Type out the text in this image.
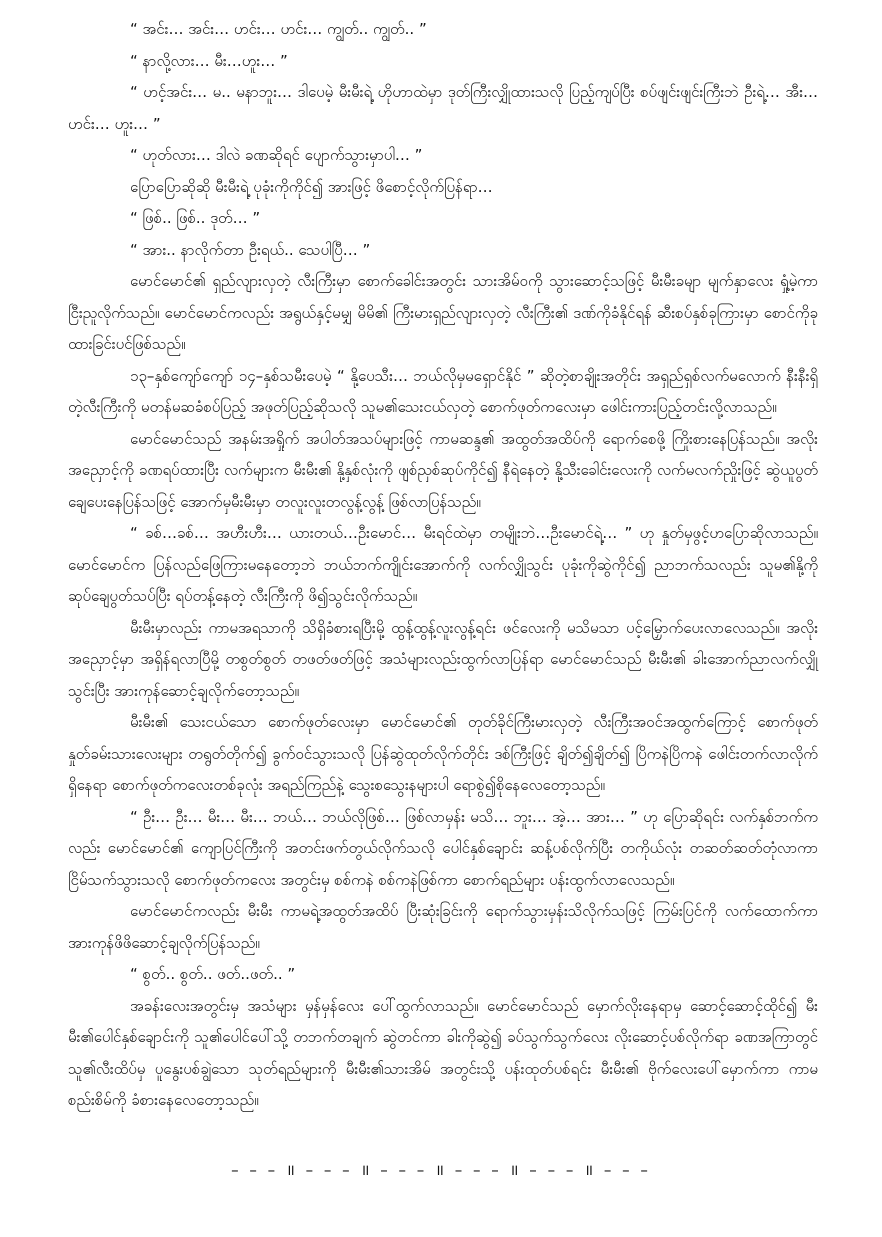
“ အင်း… အင်း… ဟင်း… ဟင်း… ကျွတ်.. ကျွတ်.. ”

“ နာလို့လား… မီး…ဟူး… ”

“ ဟင့်အင်း… မ.. မနာဘူး… ဒါပေမဲ့ မီးမီးရဲ့ ဟိုဟာထဲမှာ ဒုတ်ကြီးလျှိုထားသလို ပြည့်ကျပ်ပြီး စပ်ဖျင်းဖျင်းကြီးဘဲ ဦးရဲ့… အီး… ဟင်း… ဟူး… ”

“ ဟုတ်လား… ဒါလဲ ခဏဆိုရင် ပျောက်သွားမှာပါ… ”

ပြောပြောဆိုဆို မီးမီးရဲ့ ပုခုံးကိုကိုင်၍ အားဖြင့် ဖိစောင့်လိုက်ပြန်ရာ…

“ ဖြစ်.. ဖြစ်.. ဒုတ်… ”

“ အား.. နာလိုက်တာ ဦးရယ်.. သေပါပြီ… ”

မောင်မောင်၏ ရှည်လျားလှတဲ့ လီးကြီးမှာ စောက်ခေါင်းအတွင်း သားအိမ်ဝကို သွားဆောင့်သဖြင့် မီးမီးခမျာ မျက်နှာလေး ရှုံ့မဲ့ကာ ငြီးညူလိုက်သည်။ မောင်မောင်ကလည်း အရွယ်နှင့်မမျှ မိမိ၏ ကြီးမားရှည်လျားလှတဲ့ လီးကြီး၏ ဒဏ်ကိုခံနိုင်ရန် ဆီးစပ်နှစ်ခုကြားမှာ စောင်ကိုခုထားခြင်းပင်ဖြစ်သည်။

၁၃–နှစ်ကျော်ကျော် ၁၄–နှစ်သမီးပေမဲ့ “ နို့ပေသီး… ဘယ်လိုမှမရှောင်နိုင် ” ဆိုတဲ့စာချိုးအတိုင်း အရှည်ရှစ်လက်မလောက် နီးနီးရှိတဲ့လီးကြီးကို မတန်မဆခံစပ်ပြည့် အဖုတ်ပြည့်ဆိုသလို သူမ၏သေးငယ်လှတဲ့ စောက်ဖုတ်ကလေးမှာ ဖေါင်းကားပြည့်တင်းလို့လာသည်။

မောင်မောင်သည် အနမ်းအရှိုက် အပါတ်အသပ်များဖြင့် ကာမဆန္ဒ၏ အထွတ်အထိပ်ကို ရောက်စေဖို့ ကြိုးစားနေပြန်သည်။ အလိုးအညှောင့်ကို ခဏရပ်ထားပြီး လက်များက မီးမီး၏ နို့နှစ်လုံးကို ဖျစ်ညှစ်ဆုပ်ကိုင်၍ နီရဲနေတဲ့ နို့သီးခေါင်းလေးကို လက်မလက်ညှိုးဖြင့် ဆွဲယူပွတ်ချေပေးနေပြန်သဖြင့် အောက်မှမီးမီးမှာ တလူးလူးတလွန့်လွန့် ဖြစ်လာပြန်သည်။

“ ခစ်…ခစ်… အဟီးဟီး… ယားတယ်…ဦးမောင်… မီးရင်ထဲမှာ တမျိုးဘဲ…ဦးမောင်ရဲ့… ” ဟု နှုတ်မှဖွင့်ဟပြောဆိုလာသည်။ မောင်မောင်က ပြန်လည်ဖြေကြားမနေတော့ဘဲ ဘယ်ဘက်ကျိုင်းအောက်ကို လက်လျှိုသွင်း ပုခုံးကိုဆွဲကိုင်၍ ညာဘက်သလည်း သူမ၏နို့ကို ဆုပ်ချေပွတ်သပ်ပြီး ရပ်တန့်နေတဲ့ လီးကြီးကို ဖိ၍သွင်းလိုက်သည်။

မီးမီးမှာလည်း ကာမအရသာကို သိရှိခံစားရပြီးမို့ ထွန့်ထွန့်လူးလွန့်ရင်း ဖင်လေးကို မသိမသာ ပင့်မြှောက်ပေးလာလေသည်။ အလိုးအညှောင့်မှာ အရှိန်ရလာပြီမို့ တစွတ်စွတ် တဖတ်ဖတ်ဖြင့် အသံများလည်းထွက်လာပြန်ရာ မောင်မောင်သည် မီးမီး၏ ခါးအောက်ညာလက်လျှိုသွင်းပြီး အားကုန်ဆောင့်ချလိုက်တော့သည်။

မီးမီး၏ သေးငယ်သော စောက်ဖုတ်လေးမှာ မောင်မောင်၏ တုတ်ခိုင်ကြီးမားလှတဲ့ လီးကြီးအဝင်အထွက်ကြောင့် စောက်ဖုတ်နှုတ်ခမ်းသားလေးများ တရွတ်တိုက်၍ ခွက်ဝင်သွားသလို ပြန်ဆွဲထုတ်လိုက်တိုင်း ဒစ်ကြီးဖြင့် ချိတ်၍ချိတ်၍ ပြိကနဲပြိကနဲ ဖေါင်းတက်လာလိုက်ရှိနေရာ စောက်ဖုတ်ကလေးတစ်ခုလုံး အရည်ကြည်နဲ့ သွေးစသွေးနများပါ ရောစွဲ၍စိုနေလေတော့သည်။

“ ဦး… ဦး… မီး… မီး… ဘယ်… ဘယ်လိုဖြစ်… ဖြစ်လာမှန်း မသိ… ဘူး… အဲ့… အား… ” ဟု ပြောဆိုရင်း လက်နှစ်ဘက်ကလည်း မောင်မောင်၏ ကျောပြင်ကြီးကို အတင်းဖက်တွယ်လိုက်သလို ပေါင်နှစ်ချောင်း ဆန့်ပစ်လိုက်ပြီး တကိုယ်လုံး တဆတ်ဆတ်တုံလာကာ ငြိမ်သက်သွားသလို စောက်ဖုတ်ကလေး အတွင်းမှ စစ်ကနဲ စစ်ကနဲဖြစ်ကာ စောက်ရည်များ ပန်းထွက်လာလေသည်။

မောင်မောင်ကလည်း မီးမီး ကာမရဲ့အထွတ်အထိပ် ပြီးဆုံးခြင်းကို ရောက်သွားမှန်းသိလိုက်သဖြင့် ကြမ်းပြင်ကို လက်ထောက်ကာ အားကုန်ဖိဖိဆောင့်ချလိုက်ပြန်သည်။

“ စွတ်.. စွတ်.. ဖတ်..ဖတ်.. ”

အခန်းလေးအတွင်းမှ အသံများ မှန်မှန်လေး ပေါ်ထွက်လာသည်။ မောင်မောင်သည် မှောက်လိုးနေရာမှ ဆောင့်ဆောင့်ထိုင်၍ မီးမီး၏ပေါင်နှစ်ချောင်းကို သူ၏ပေါင်ပေါ်သို့ တဘက်တချက် ဆွဲတင်ကာ ခါးကိုဆွဲ၍ ခပ်သွက်သွက်လေး လိုးဆောင့်ပစ်လိုက်ရာ ခဏအကြာတွင် သူ၏လီးထိပ်မှ ပူနွေးပစ်ချွဲသော သုတ်ရည်များကို မီးမီး၏သားအိမ် အတွင်းသို့ ပန်းထုတ်ပစ်ရင်း မီးမီး၏ ဗိုက်လေးပေါ်မှောက်ကာ ကာမစည်းစိမ်ကို ခံစားနေလေတော့သည်။

– – – ॥ – – – ॥ – – – ॥ – – – ॥ – – – ॥ – – –
